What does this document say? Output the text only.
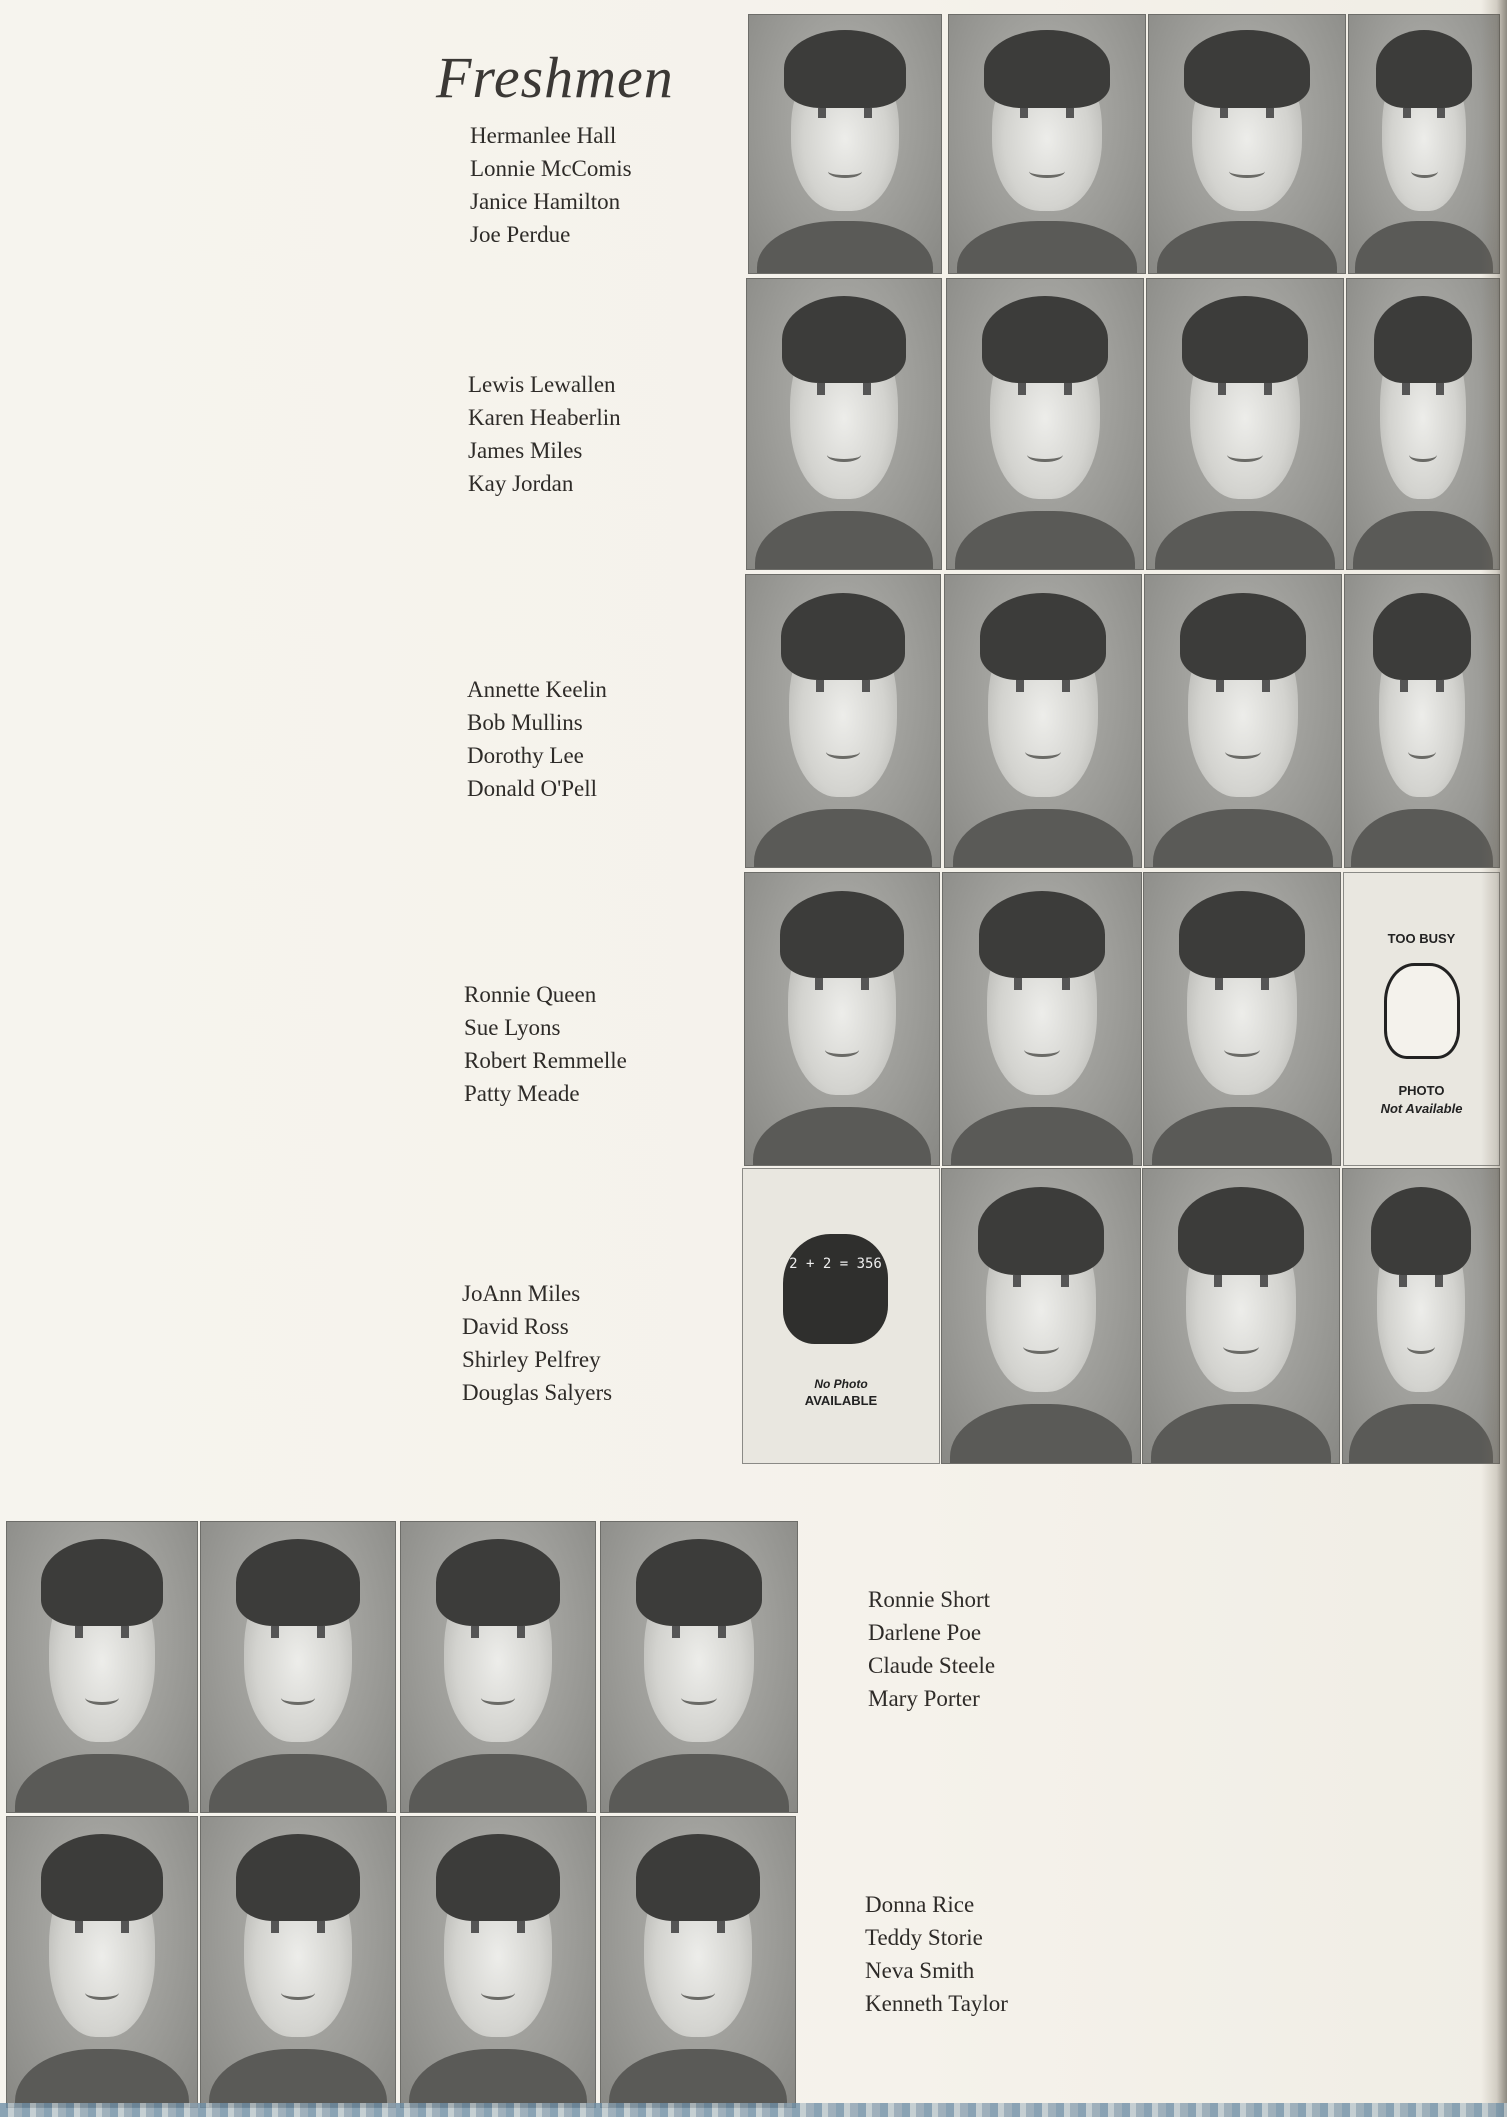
Freshmen
Hermanlee Hall
Lonnie McComis
Janice Hamilton
Joe Perdue
Lewis Lewallen
Karen Heaberlin
James Miles
Kay Jordan
Annette Keelin
Bob Mullins
Dorothy Lee
Donald O'Pell
Ronnie Queen
Sue Lyons
Robert Remmelle
Patty Meade
JoAnn Miles
David Ross
Shirley Pelfrey
Douglas Salyers
Ronnie Short
Darlene Poe
Claude Steele
Mary Porter
Donna Rice
Teddy Storie
Neva Smith
Kenneth Taylor
TOO BUSY
PHOTO
Not Available
2 + 2 = 356
No Photo
AVAILABLE
